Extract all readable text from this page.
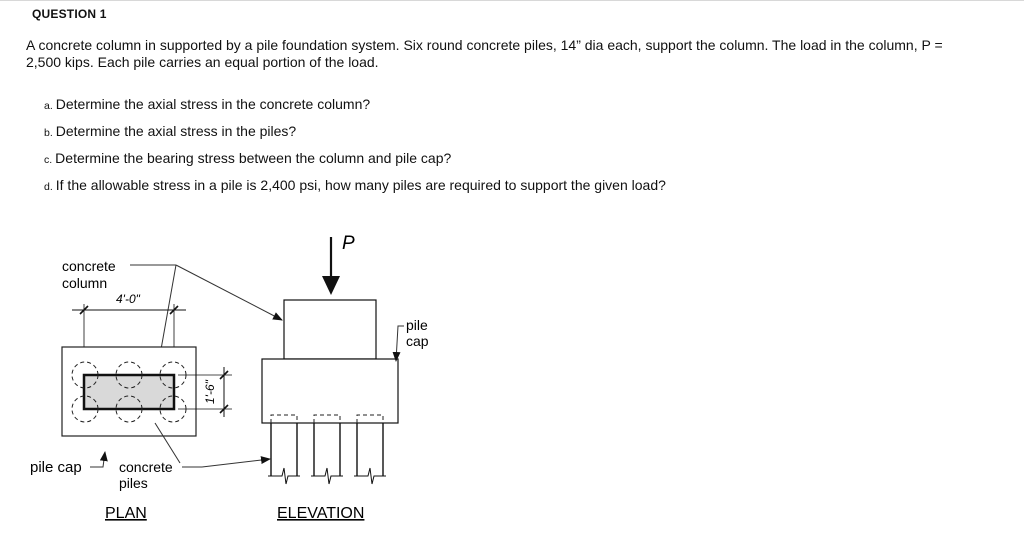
QUESTION 1
A concrete column in supported by a pile foundation system. Six round concrete piles, 14” dia each, support the column. The load in the column, P =
2,500 kips. Each pile carries an equal portion of the load.
a. Determine the axial stress in the concrete column?
b. Determine the axial stress in the piles?
c. Determine the bearing stress between the column and pile cap?
d. If the allowable stress in a pile is 2,400 psi, how many piles are required to support the given load?
concrete
column
4'-0"
1'-6"
pile cap	concrete
piles
PLAN
P
pile
cap
ELEVATION
